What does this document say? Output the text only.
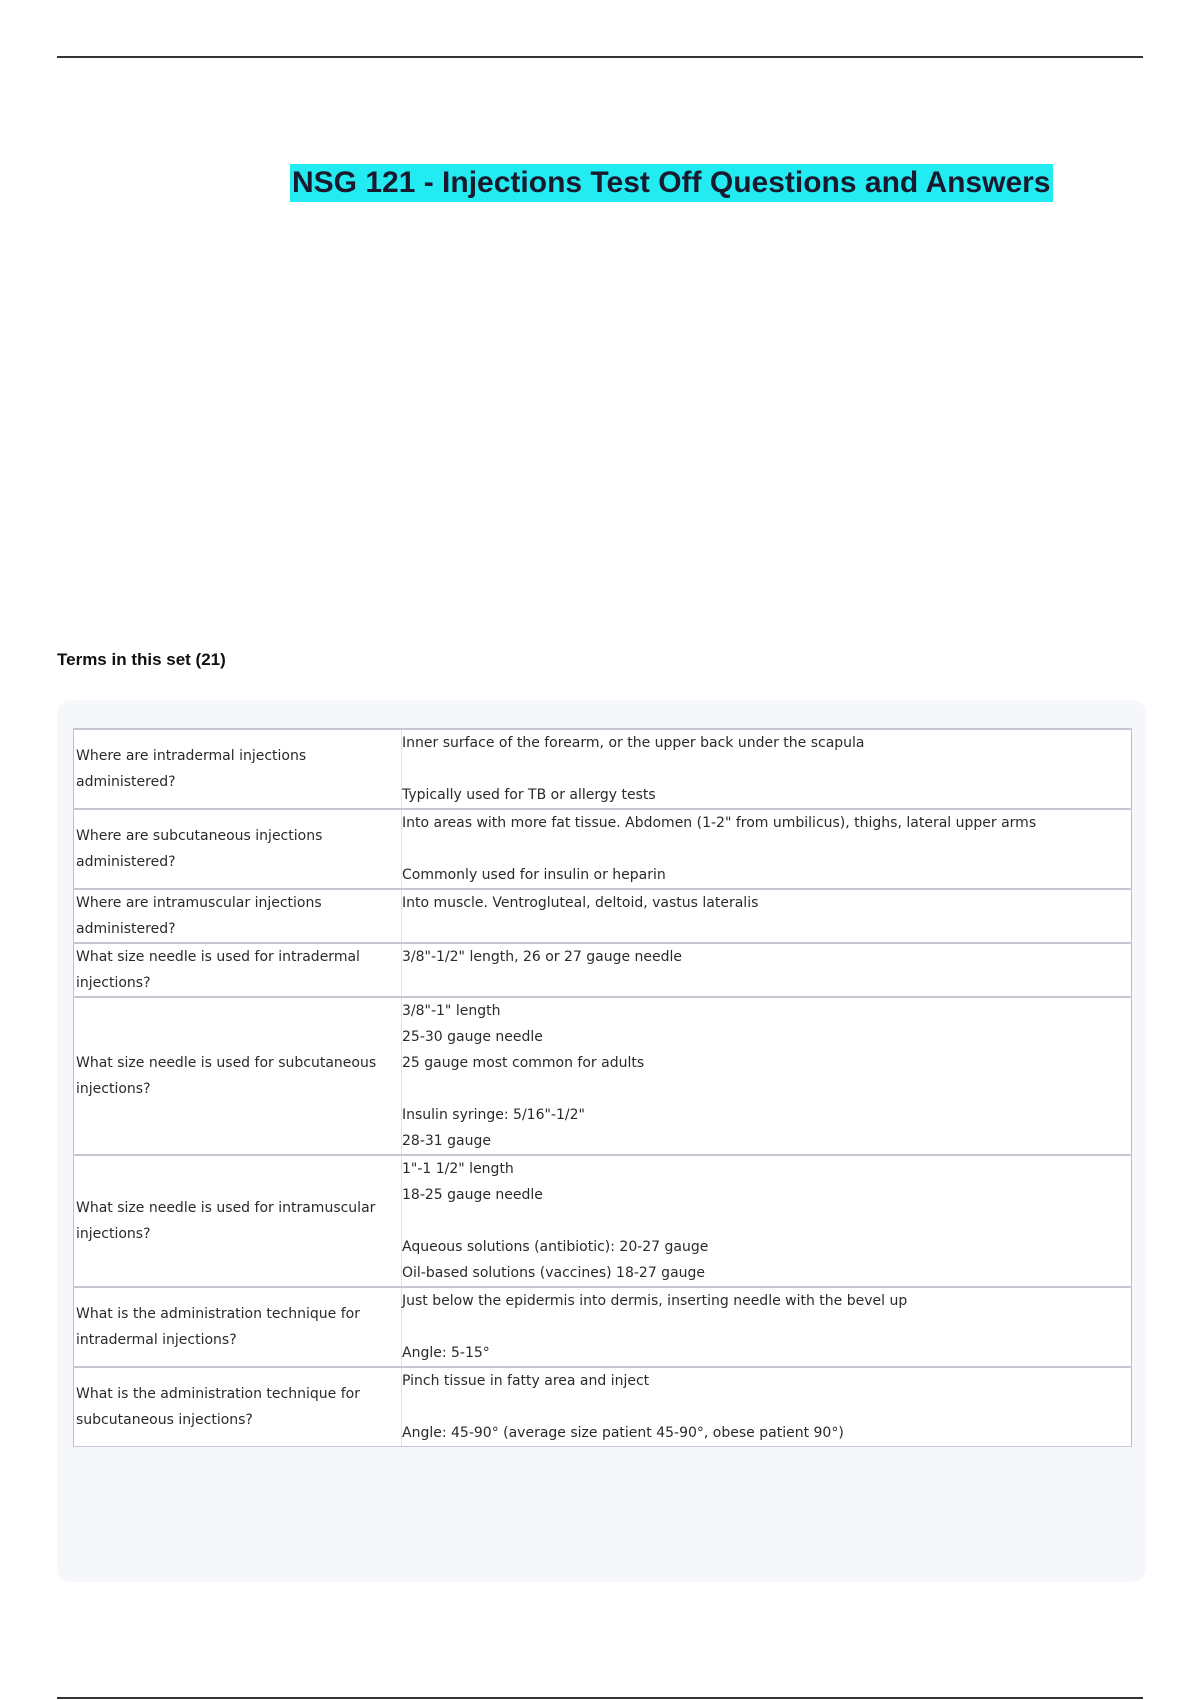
NSG 121 - Injections Test Off Questions and Answers
Terms in this set (21)
Where are intradermal injections administered?	Inner surface of the forearm, or the upper back under the scapula
Typically used for TB or allergy tests

Where are subcutaneous injections administered?	Into areas with more fat tissue. Abdomen (1-2" from umbilicus), thighs, lateral upper arms
Commonly used for insulin or heparin

Where are intramuscular injections administered?	Into muscle. Ventrogluteal, deltoid, vastus lateralis

What size needle is used for intradermal injections?	3/8"-1/2" length, 26 or 27 gauge needle

What size needle is used for subcutaneous injections?	3/8"-1" length
25-30 gauge needle
25 gauge most common for adults
Insulin syringe: 5/16"-1/2"
28-31 gauge

What size needle is used for intramuscular injections?	1"-1 1/2" length
18-25 gauge needle
Aqueous solutions (antibiotic): 20-27 gauge
Oil-based solutions (vaccines) 18-27 gauge

What is the administration technique for intradermal injections?	Just below the epidermis into dermis, inserting needle with the bevel up
Angle: 5-15°

What is the administration technique for subcutaneous injections?	Pinch tissue in fatty area and inject
Angle: 45-90° (average size patient 45-90°, obese patient 90°)
